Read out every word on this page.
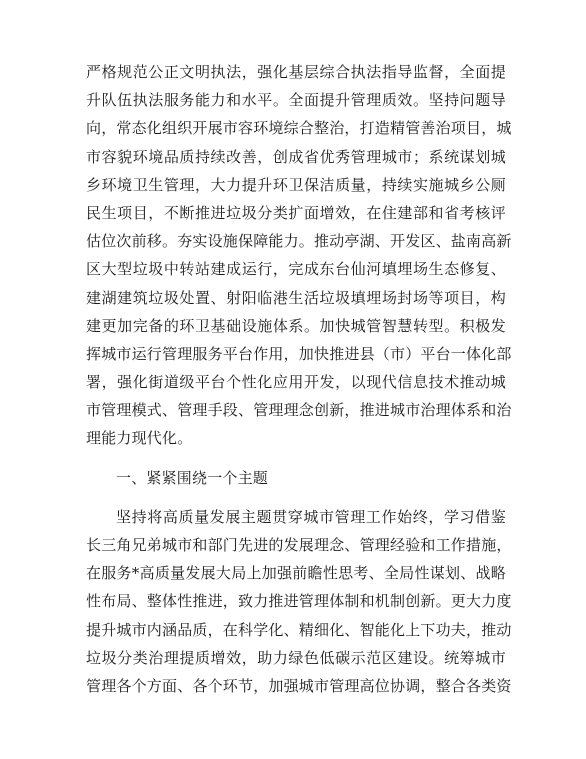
严格规范公正文明执法，强化基层综合执法指导监督，全面提
升队伍执法服务能力和水平。全面提升管理质效。坚持问题导
向，常态化组织开展市容环境综合整治，打造精管善治项目，城
市容貌环境品质持续改善，创成省优秀管理城市；系统谋划城
乡环境卫生管理，大力提升环卫保洁质量，持续实施城乡公厕
民生项目，不断推进垃圾分类扩面增效，在住建部和省考核评
估位次前移。夯实设施保障能力。推动亭湖、开发区、盐南高新
区大型垃圾中转站建成运行，完成东台仙河填埋场生态修复、
建湖建筑垃圾处置、射阳临港生活垃圾填埋场封场等项目，构
建更加完备的环卫基础设施体系。加快城管智慧转型。积极发
挥城市运行管理服务平台作用，加快推进县（市）平台一体化部
署，强化街道级平台个性化应用开发，以现代信息技术推动城
市管理模式、管理手段、管理理念创新，推进城市治理体系和治
理能力现代化。
一、紧紧围绕一个主题
坚持将高质量发展主题贯穿城市管理工作始终，学习借鉴
长三角兄弟城市和部门先进的发展理念、管理经验和工作措施，
在服务*高质量发展大局上加强前瞻性思考、全局性谋划、战略
性布局、整体性推进，致力推进管理体制和机制创新。更大力度
提升城市内涵品质，在科学化、精细化、智能化上下功夫，推动
垃圾分类治理提质增效，助力绿色低碳示范区建设。统筹城市
管理各个方面、各个环节，加强城市管理高位协调，整合各类资
